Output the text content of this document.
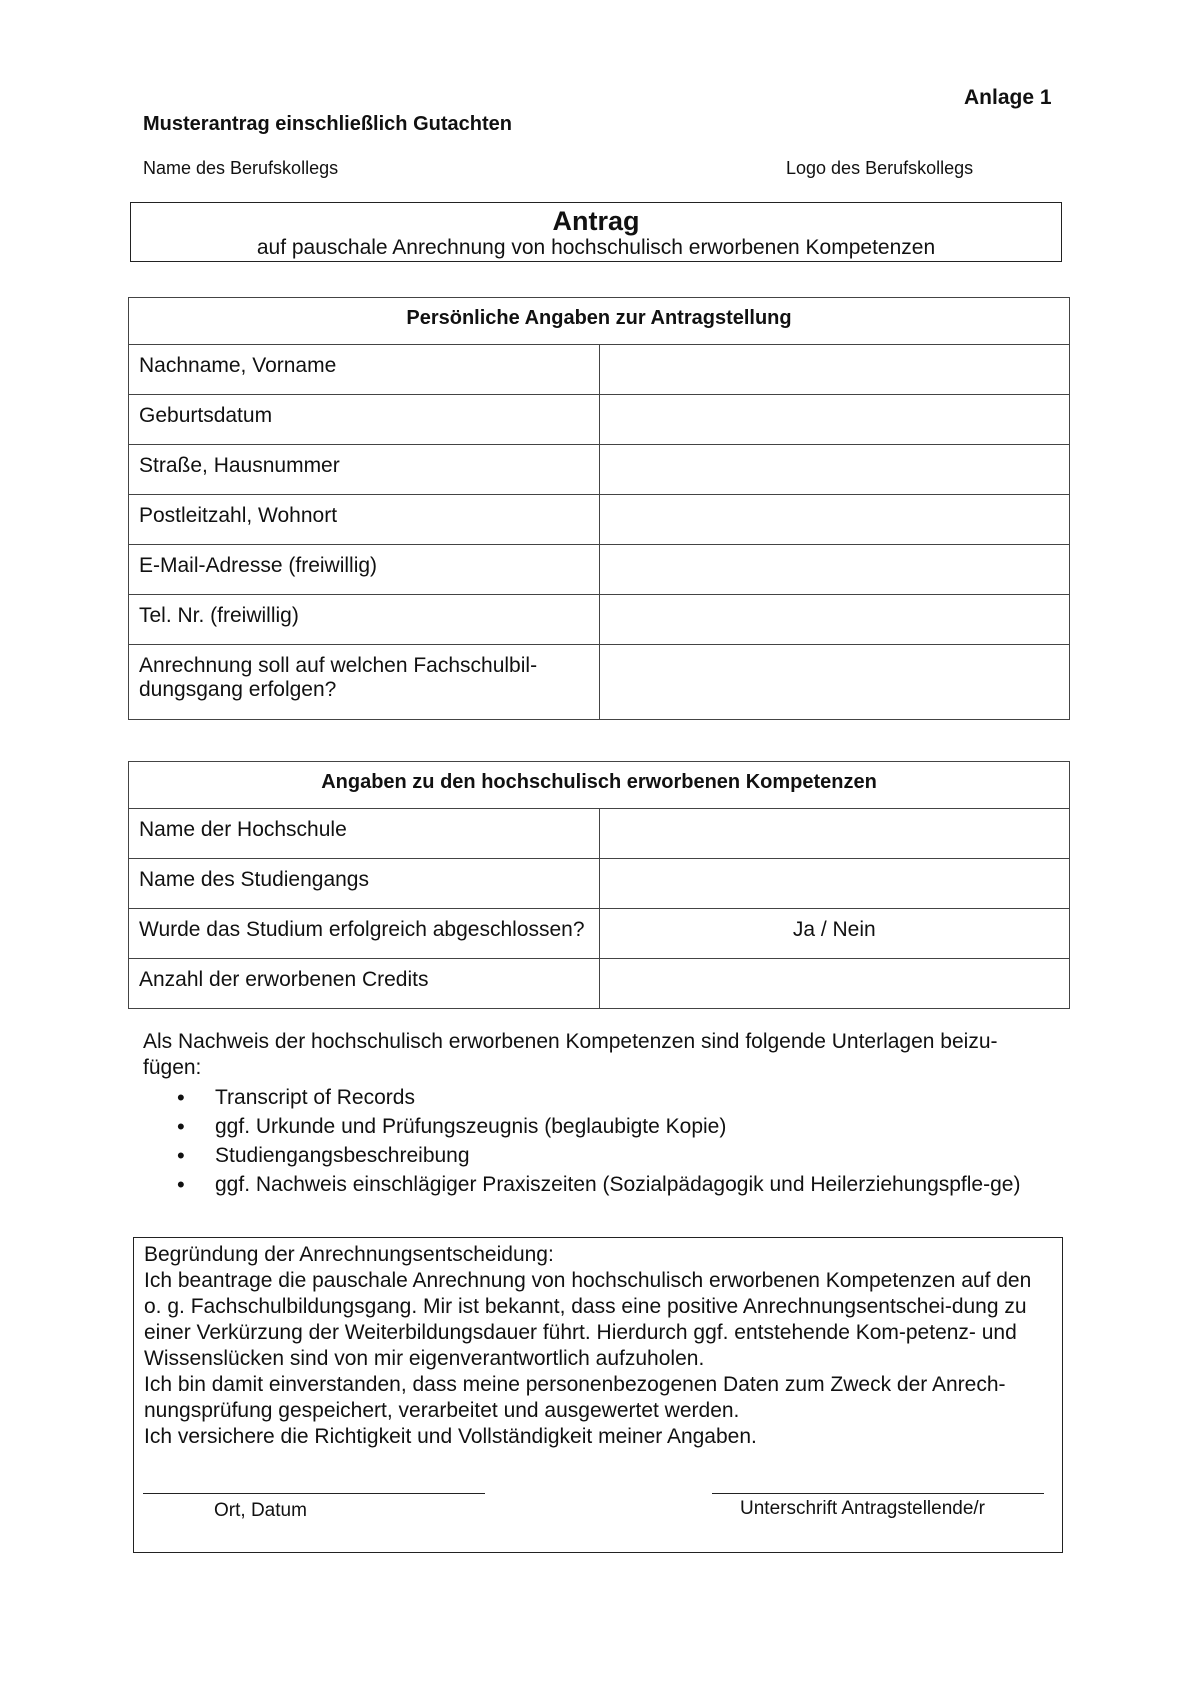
Anlage 1
Musterantrag einschließlich Gutachten
Name des Berufskollegs	Logo des Berufskollegs
Antrag
auf pauschale Anrechnung von hochschulisch erworbenen Kompetenzen
Persönliche Angaben zur Antragstellung	
Nachname, Vorname	
Geburtsdatum	
Straße, Hausnummer	
Postleitzahl, Wohnort	
E-Mail-Adresse (freiwillig)	
Tel. Nr. (freiwillig)	
Anrechnung soll auf welchen Fachschulbil-dungsgang erfolgen?	
Angaben zu den hochschulisch erworbenen Kompetenzen	
Name der Hochschule	
Name des Studiengangs	
Wurde das Studium erfolgreich abgeschlossen?	Ja / Nein
Anzahl der erworbenen Credits	
Als Nachweis der hochschulisch erworbenen Kompetenzen sind folgende Unterlagen beizu-fügen:
• Transcript of Records
• ggf. Urkunde und Prüfungszeugnis (beglaubigte Kopie)
• Studiengangsbeschreibung
• ggf. Nachweis einschlägiger Praxiszeiten (Sozialpädagogik und Heilerziehungspfle-ge)

Begründung der Anrechnungsentscheidung:

Ich beantrage die pauschale Anrechnung von hochschulisch erworbenen Kompetenzen auf den o. g. Fachschulbildungsgang. Mir ist bekannt, dass eine positive Anrechnungsentschei-dung zu einer Verkürzung der Weiterbildungsdauer führt. Hierdurch ggf. entstehende Kom-petenz- und Wissenslücken sind von mir eigenverantwortlich aufzuholen.

Ich bin damit einverstanden, dass meine personenbezogenen Daten zum Zweck der Anrech-nungsprüfung gespeichert, verarbeitet und ausgewertet werden.

Ich versichere die Richtigkeit und Vollständigkeit meiner Angaben.

Ort, Datum	Unterschrift Antragstellende/r
